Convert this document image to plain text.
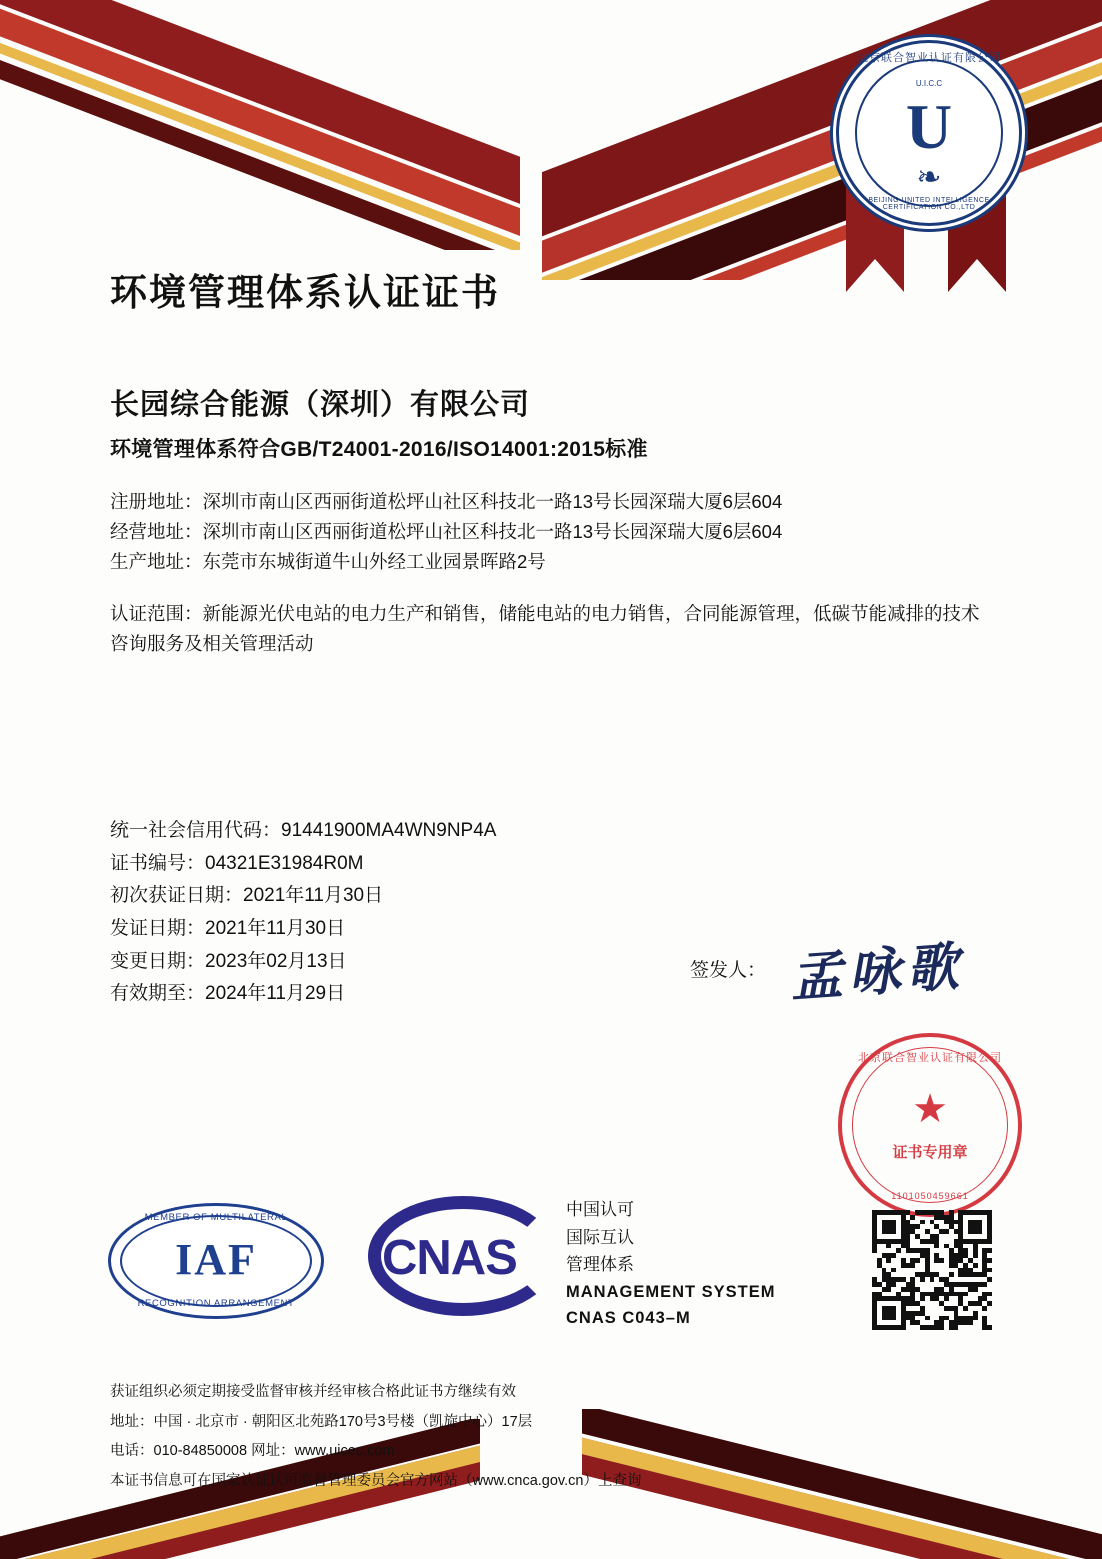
北京联合智业认证有限公司
U.I.C.C
U
❧
BEIJING UNITED INTELLIGENCE CERTIFICATION CO.,LTD
环境管理体系认证证书

长园综合能源（深圳）有限公司

环境管理体系符合GB/T24001-2016/ISO14001:2015标准

注册地址：深圳市南山区西丽街道松坪山社区科技北一路13号长园深瑞大厦6层604

经营地址：深圳市南山区西丽街道松坪山社区科技北一路13号长园深瑞大厦6层604

生产地址：东莞市东城街道牛山外经工业园景晖路2号

认证范围：新能源光伏电站的电力生产和销售，储能电站的电力销售，合同能源管理，低碳节能减排的技术咨询服务及相关管理活动

统一社会信用代码：91441900MA4WN9NP4A
证书编号：04321E31984R0M
初次获证日期：2021年11月30日
发证日期：2021年11月30日
变更日期：2023年02月13日
有效期至：2024年11月29日
签发人： 孟咏歌
北京联合智业认证有限公司
★
证书专用章
1101050459661
MEMBER OF MULTILATERAL
IAF
RECOGNITION ARRANGEMENT
CNAS
中国认可
国际互认
管理体系
MANAGEMENT SYSTEM
CNAS C043–M
获证组织必须定期接受监督审核并经审核合格此证书方继续有效
地址：中国 · 北京市 · 朝阳区北苑路170号3号楼（凯旋中心）17层
电话：010-84850008 网址：www.uicec.com
本证书信息可在国家认证认可监督管理委员会官方网站（www.cnca.gov.cn）上查询
